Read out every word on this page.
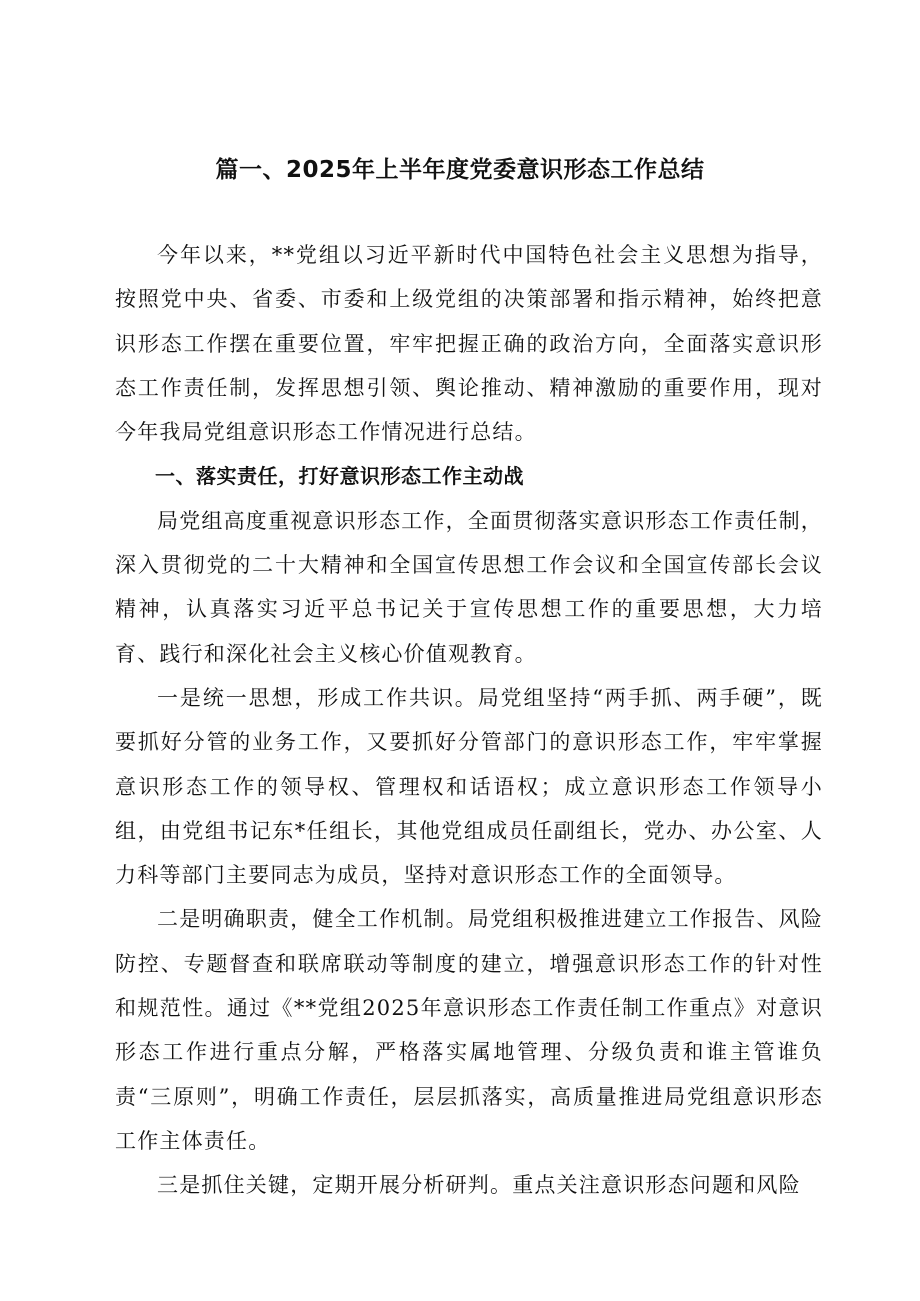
篇一、2025年上半年度党委意识形态工作总结

今年以来，**党组以习近平新时代中国特色社会主义思想为指导，按照党中央、省委、市委和上级党组的决策部署和指示精神，始终把意识形态工作摆在重要位置，牢牢把握正确的政治方向，全面落实意识形态工作责任制，发挥思想引领、舆论推动、精神激励的重要作用，现对今年我局党组意识形态工作情况进行总结。

一、落实责任，打好意识形态工作主动战

局党组高度重视意识形态工作，全面贯彻落实意识形态工作责任制，深入贯彻党的二十大精神和全国宣传思想工作会议和全国宣传部长会议精神，认真落实习近平总书记关于宣传思想工作的重要思想，大力培育、践行和深化社会主义核心价值观教育。

一是统一思想，形成工作共识。局党组坚持“两手抓、两手硬”，既要抓好分管的业务工作，又要抓好分管部门的意识形态工作，牢牢掌握意识形态工作的领导权、管理权和话语权；成立意识形态工作领导小组，由党组书记东*任组长，其他党组成员任副组长，党办、办公室、人力科等部门主要同志为成员，坚持对意识形态工作的全面领导。

二是明确职责，健全工作机制。局党组积极推进建立工作报告、风险防控、专题督查和联席联动等制度的建立，增强意识形态工作的针对性和规范性。通过《**党组2025年意识形态工作责任制工作重点》对意识形态工作进行重点分解，严格落实属地管理、分级负责和谁主管谁负责“三原则”，明确工作责任，层层抓落实，高质量推进局党组意识形态工作主体责任。

三是抓住关键，定期开展分析研判。重点关注意识形态问题和风险
